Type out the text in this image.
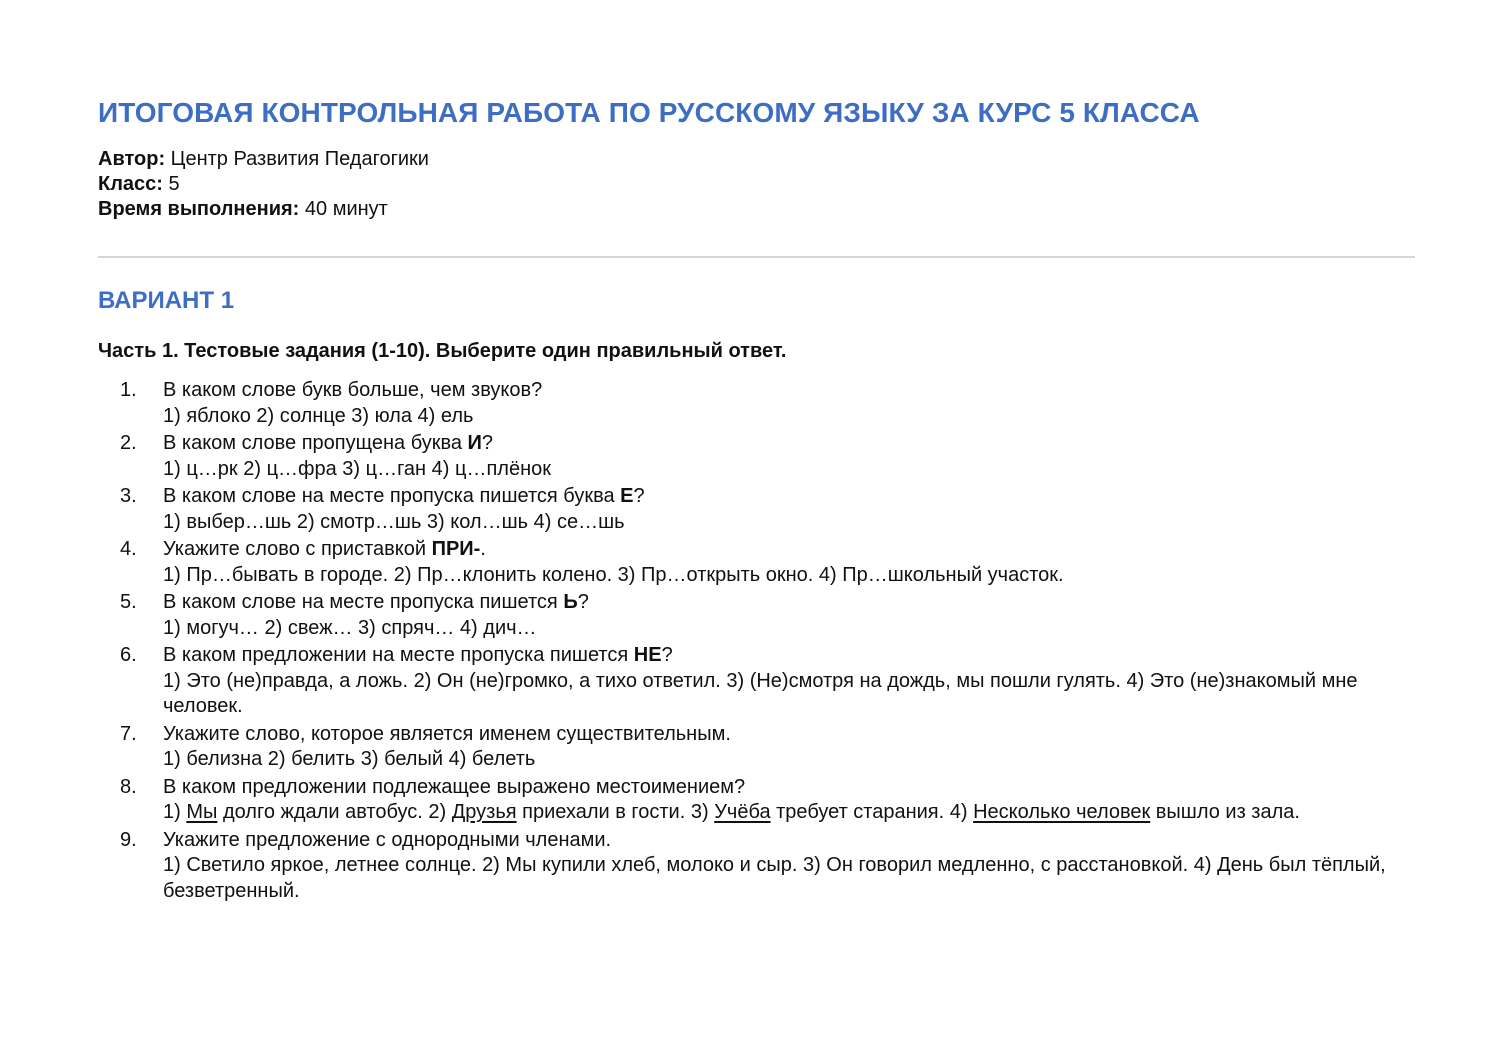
ИТОГОВАЯ КОНТРОЛЬНАЯ РАБОТА ПО РУССКОМУ ЯЗЫКУ ЗА КУРС 5 КЛАССА
Автор: Центр Развития Педагогики
Класс: 5
Время выполнения: 40 минут
ВАРИАНТ 1
Часть 1. Тестовые задания (1-10). Выберите один правильный ответ.
1. В каком слове букв больше, чем звуков?
1) яблоко 2) солнце 3) юла 4) ель
2. В каком слове пропущена буква И?
1) ц…рк 2) ц…фра 3) ц…ган 4) ц…плёнок
3. В каком слове на месте пропуска пишется буква Е?
1) выбер…шь 2) смотр…шь 3) кол…шь 4) се…шь
4. Укажите слово с приставкой ПРИ-.
1) Пр…бывать в городе. 2) Пр…клонить колено. 3) Пр…открыть окно. 4) Пр…школьный участок.
5. В каком слове на месте пропуска пишется Ь?
1) могуч… 2) свеж… 3) спряч… 4) дич…
6. В каком предложении на месте пропуска пишется НЕ?
1) Это (не)правда, а ложь. 2) Он (не)громко, а тихо ответил. 3) (Не)смотря на дождь, мы пошли гулять. 4) Это (не)знакомый мне человек.
7. Укажите слово, которое является именем существительным.
1) белизна 2) белить 3) белый 4) белеть
8. В каком предложении подлежащее выражено местоимением?
1) Мы долго ждали автобус. 2) Друзья приехали в гости. 3) Учёба требует старания. 4) Несколько человек вышло из зала.
9. Укажите предложение с однородными членами.
1) Светило яркое, летнее солнце. 2) Мы купили хлеб, молоко и сыр. 3) Он говорил медленно, с расстановкой. 4) День был тёплый, безветренный.
